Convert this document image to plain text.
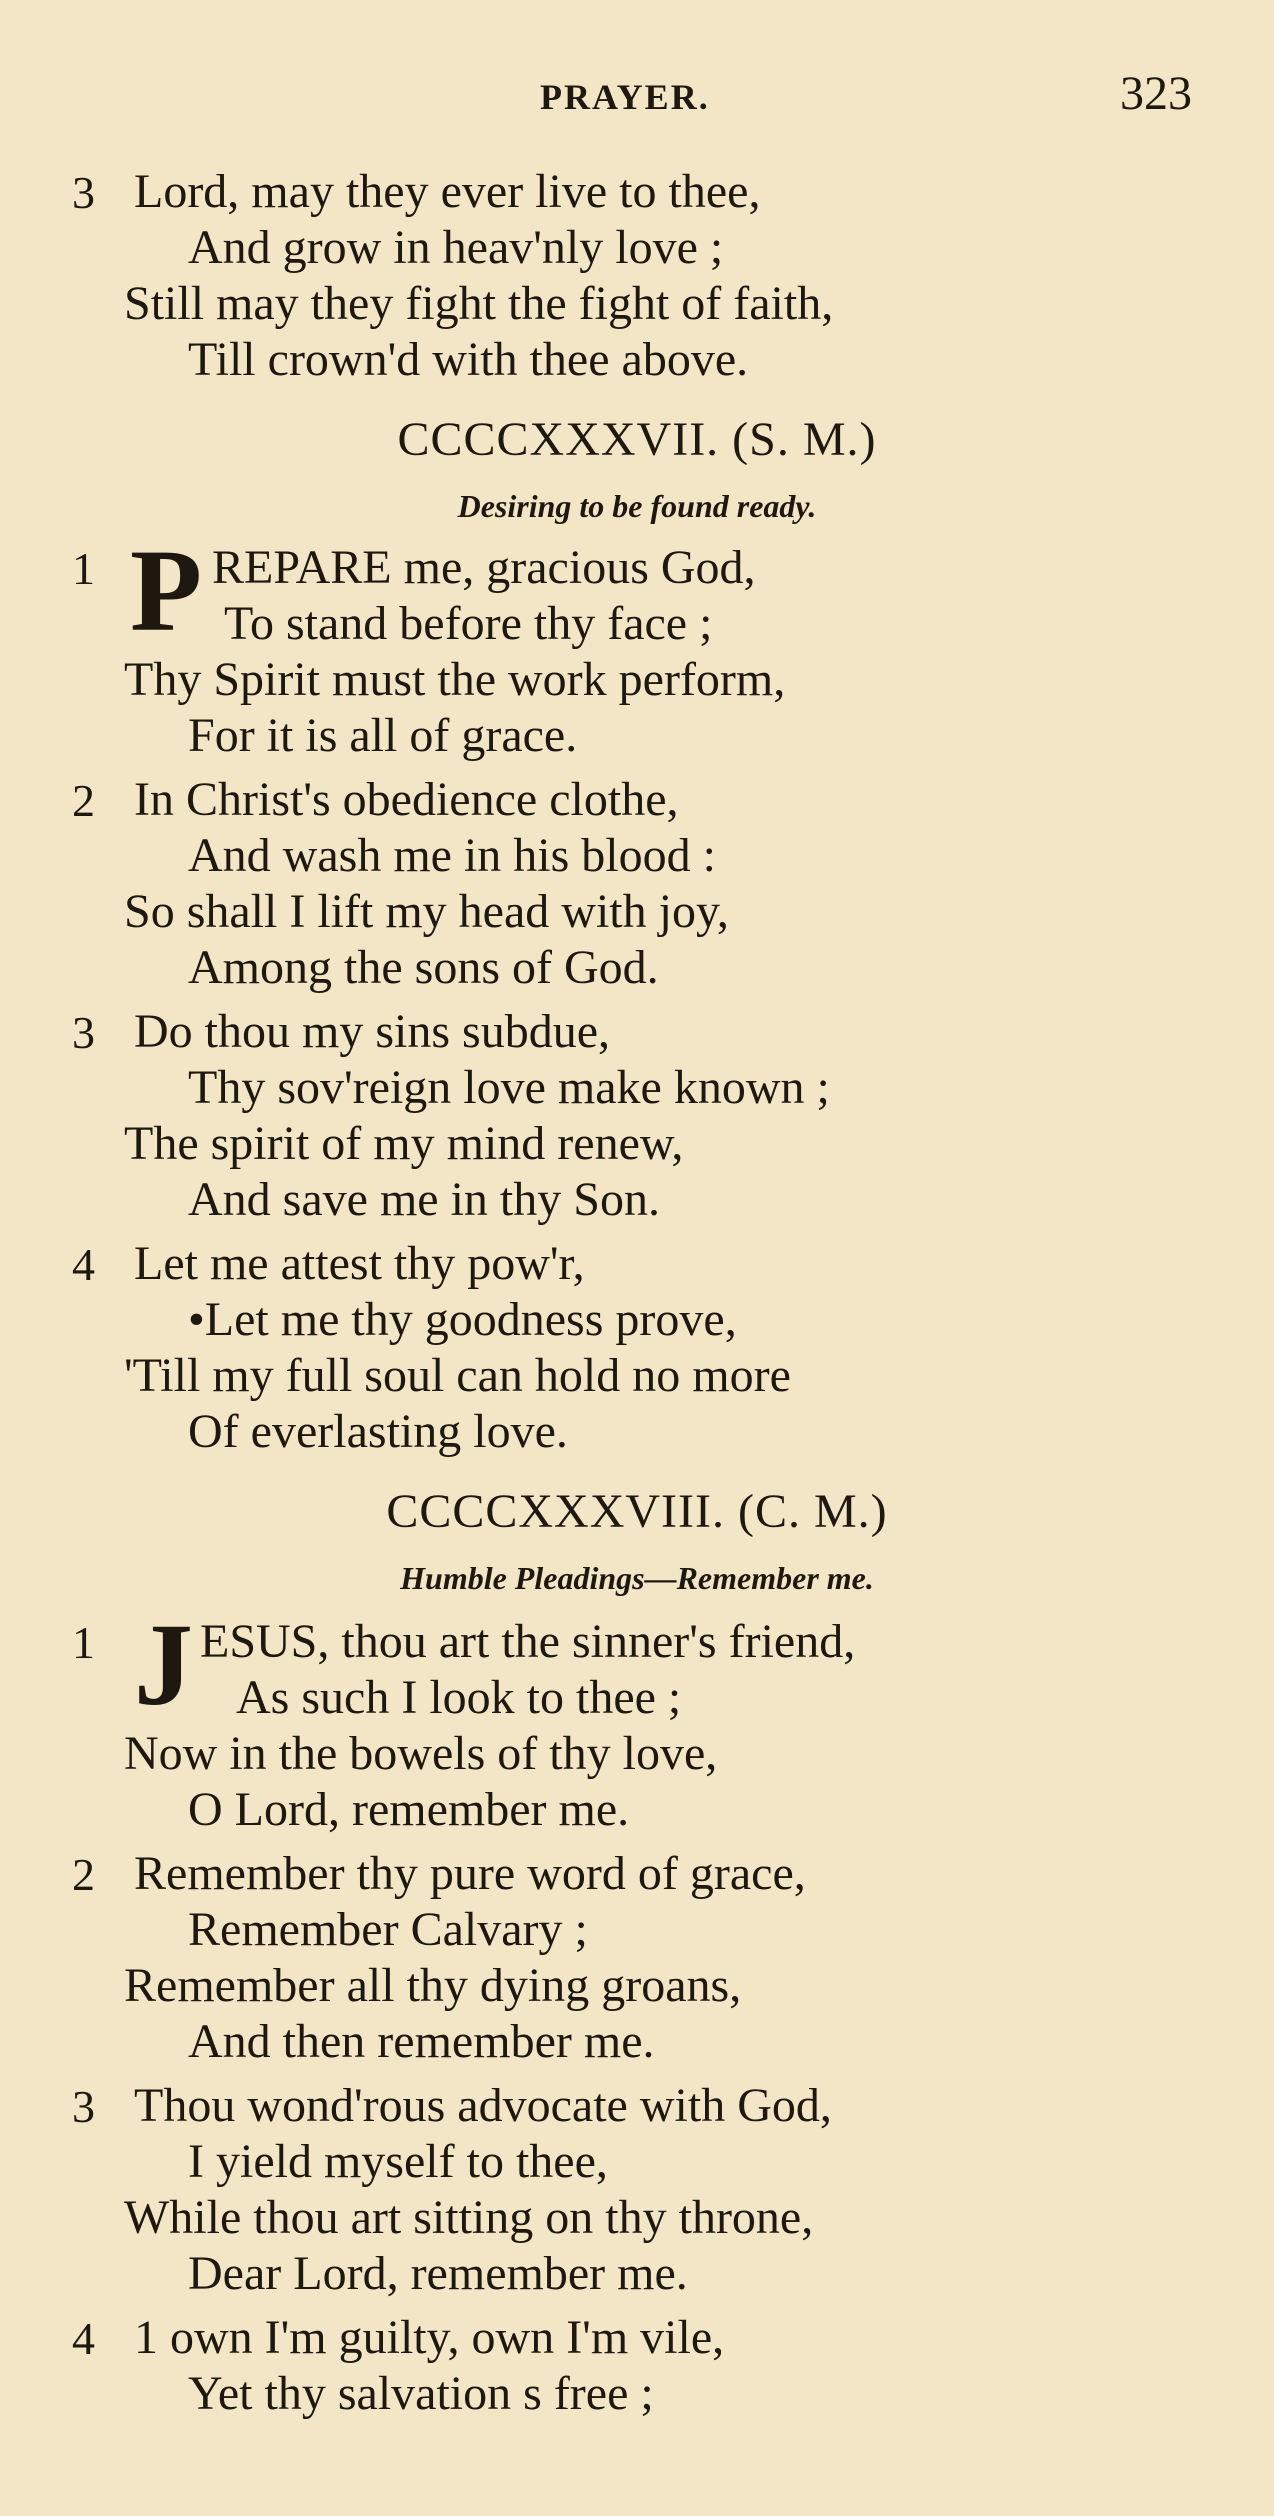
PRAYER.	323
3 Lord, may they ever live to thee,
And grow in heav'nly love ;
Still may they fight the fight of faith,
Till crown'd with thee above.
CCCCXXXVII. (S. M.)
Desiring to be found ready.
1 P REPARE me, gracious God,
To stand before thy face ;
Thy Spirit must the work perform,
For it is all of grace.
2 In Christ's obedience clothe,
And wash me in his blood :
So shall I lift my head with joy,
Among the sons of God.
3 Do thou my sins subdue,
Thy sov'reign love make known ;
The spirit of my mind renew,
And save me in thy Son.
4 Let me attest thy pow'r,
•Let me thy goodness prove,
'Till my full soul can hold no more
Of everlasting love.
CCCCXXXVIII. (C. M.)
Humble Pleadings—Remember me.
1 J ESUS, thou art the sinner's friend,
As such I look to thee ;
Now in the bowels of thy love,
O Lord, remember me.
2 Remember thy pure word of grace,
Remember Calvary ;
Remember all thy dying groans,
And then remember me.
3 Thou wond'rous advocate with God,
I yield myself to thee,
While thou art sitting on thy throne,
Dear Lord, remember me.
4 1 own I'm guilty, own I'm vile,
Yet thy salvation s free ;
